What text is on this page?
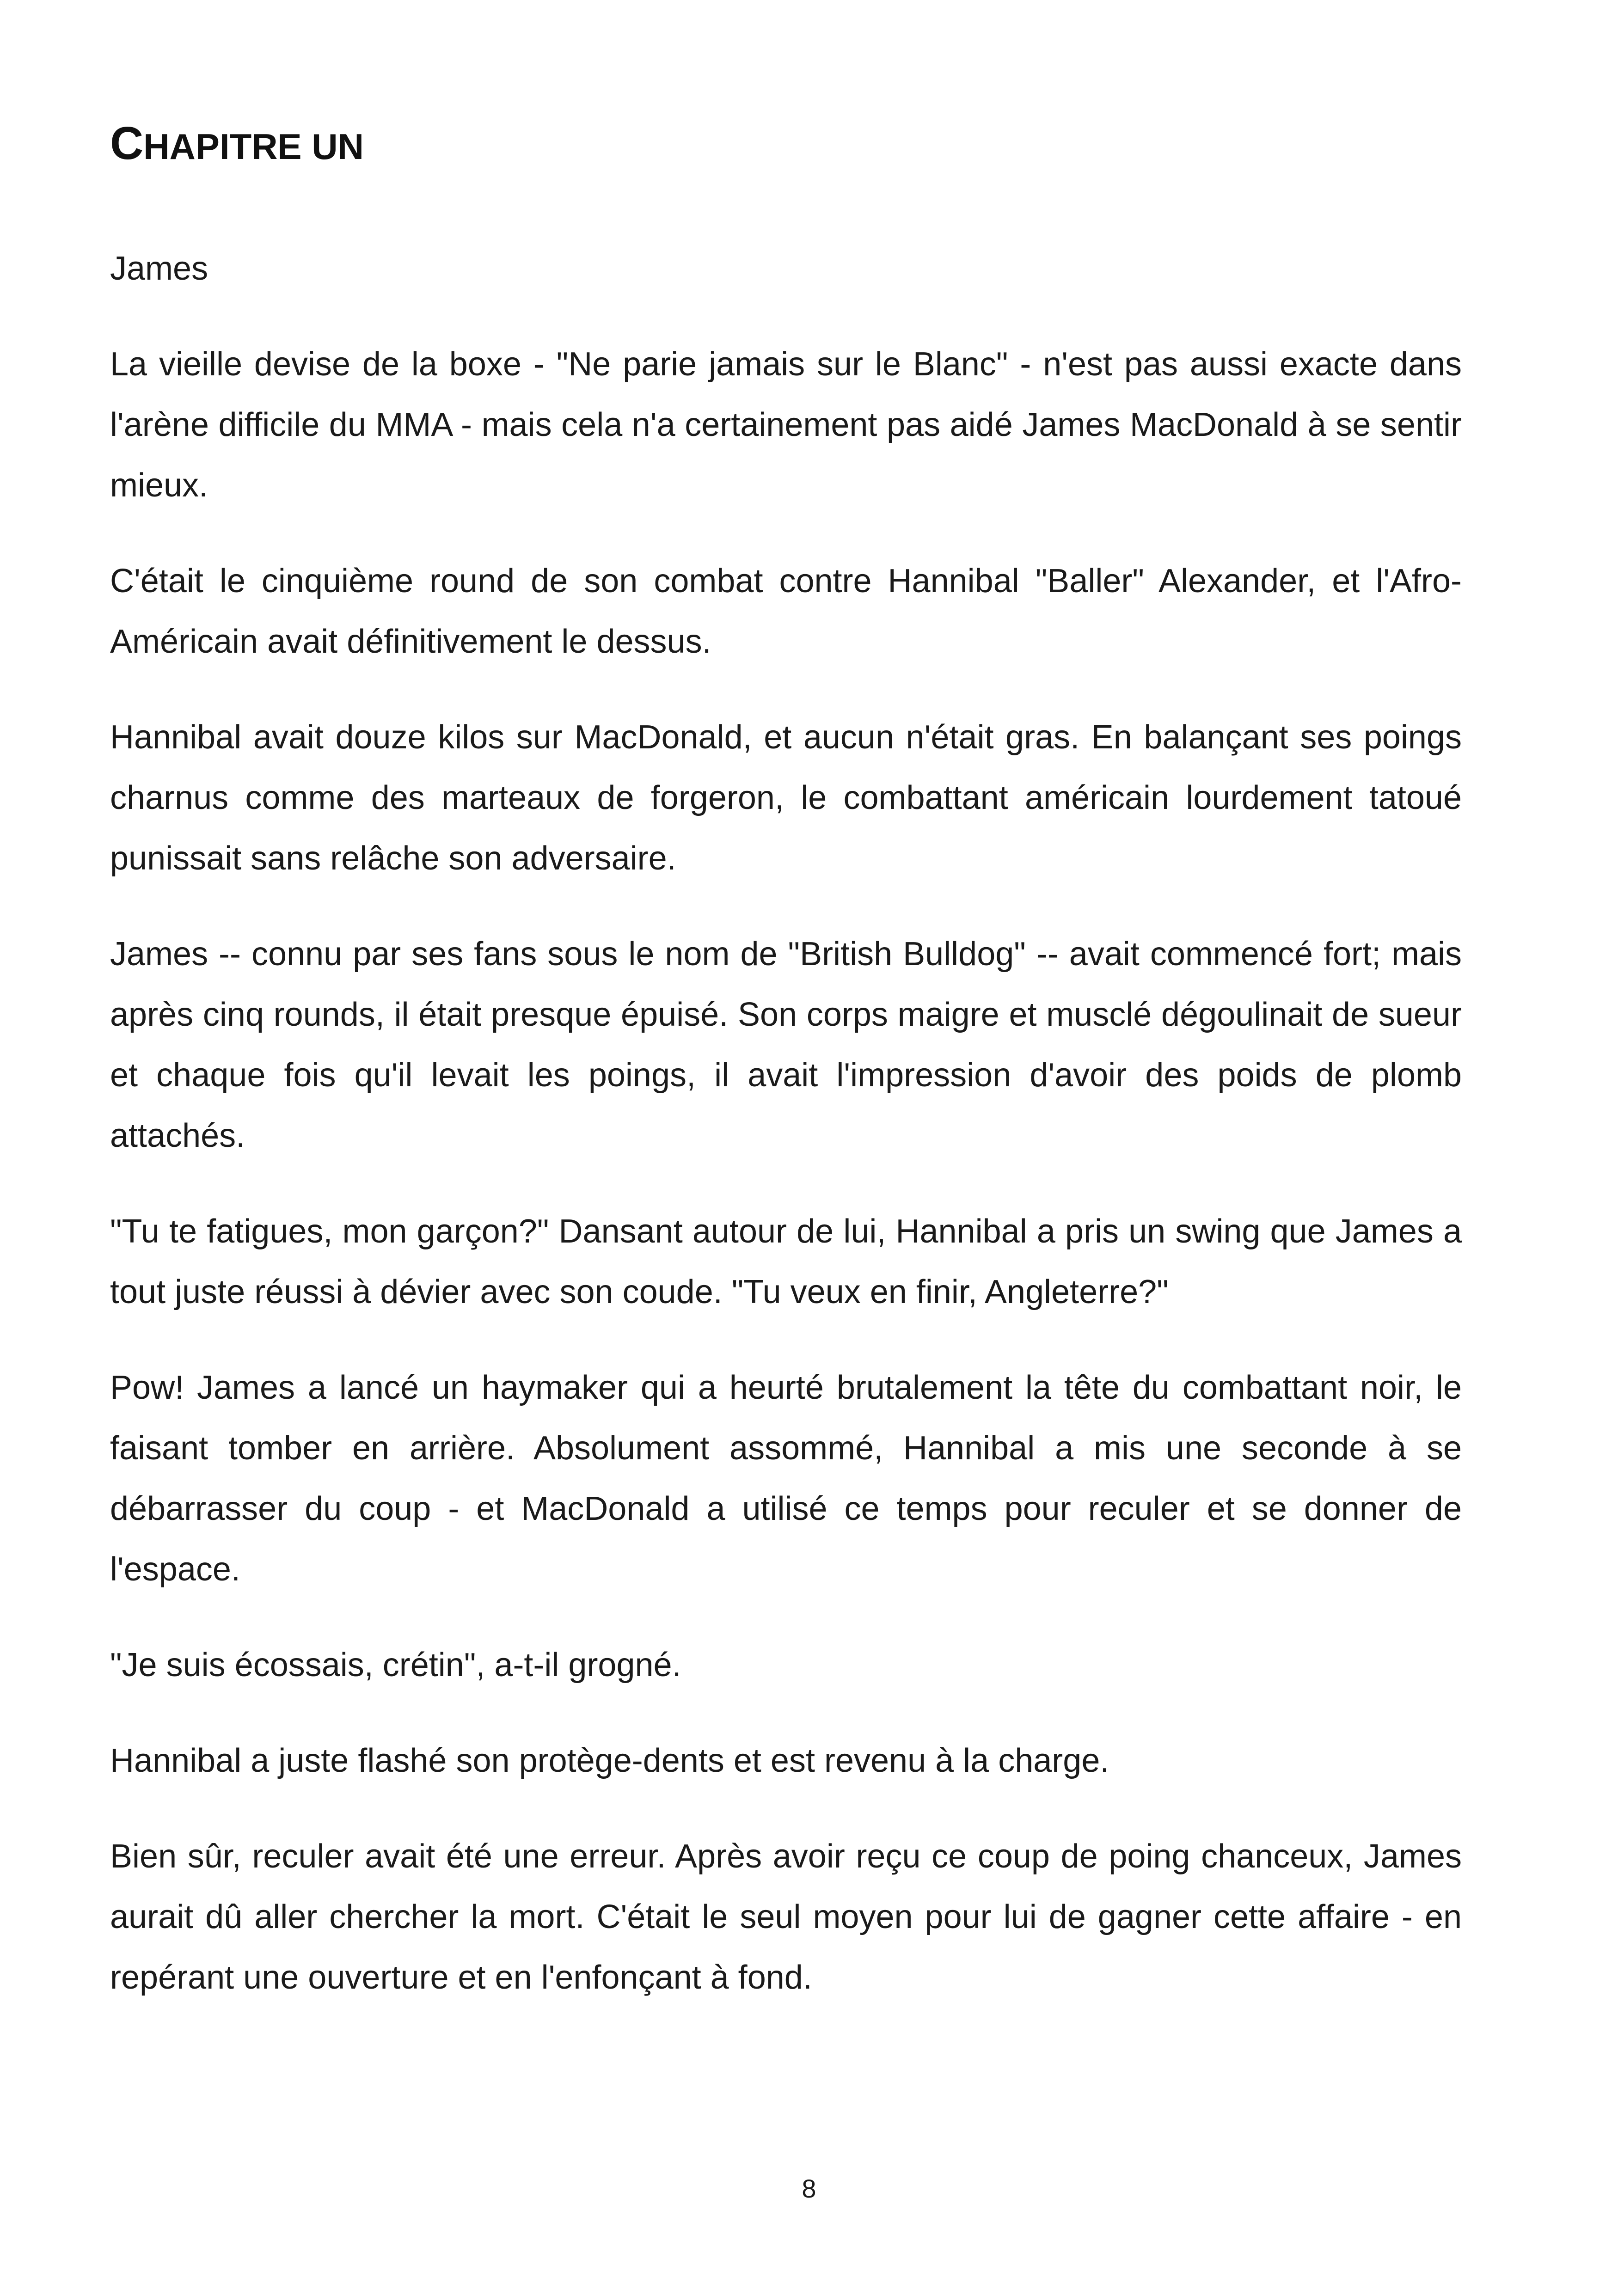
CHAPITRE UN

James

La vieille devise de la boxe - "Ne parie jamais sur le Blanc" - n'est pas aussi exacte dans l'arène difficile du MMA - mais cela n'a certainement pas aidé James MacDonald à se sentir mieux.

C'était le cinquième round de son combat contre Hannibal "Baller" Alexander, et l'Afro-Américain avait définitivement le dessus.

Hannibal avait douze kilos sur MacDonald, et aucun n'était gras. En balançant ses poings charnus comme des marteaux de forgeron, le combattant américain lourdement tatoué punissait sans relâche son adversaire.

James -- connu par ses fans sous le nom de "British Bulldog" -- avait commencé fort; mais après cinq rounds, il était presque épuisé. Son corps maigre et musclé dégoulinait de sueur et chaque fois qu'il levait les poings, il avait l'impression d'avoir des poids de plomb attachés.

"Tu te fatigues, mon garçon?" Dansant autour de lui, Hannibal a pris un swing que James a tout juste réussi à dévier avec son coude. "Tu veux en finir, Angleterre?"

Pow! James a lancé un haymaker qui a heurté brutalement la tête du combattant noir, le faisant tomber en arrière. Absolument assommé, Hannibal a mis une seconde à se débarrasser du coup - et MacDonald a utilisé ce temps pour reculer et se donner de l'espace.

"Je suis écossais, crétin", a-t-il grogné.

Hannibal a juste flashé son protège-dents et est revenu à la charge.

Bien sûr, reculer avait été une erreur. Après avoir reçu ce coup de poing chanceux, James aurait dû aller chercher la mort. C'était le seul moyen pour lui de gagner cette affaire - en repérant une ouverture et en l'enfonçant à fond.

8
